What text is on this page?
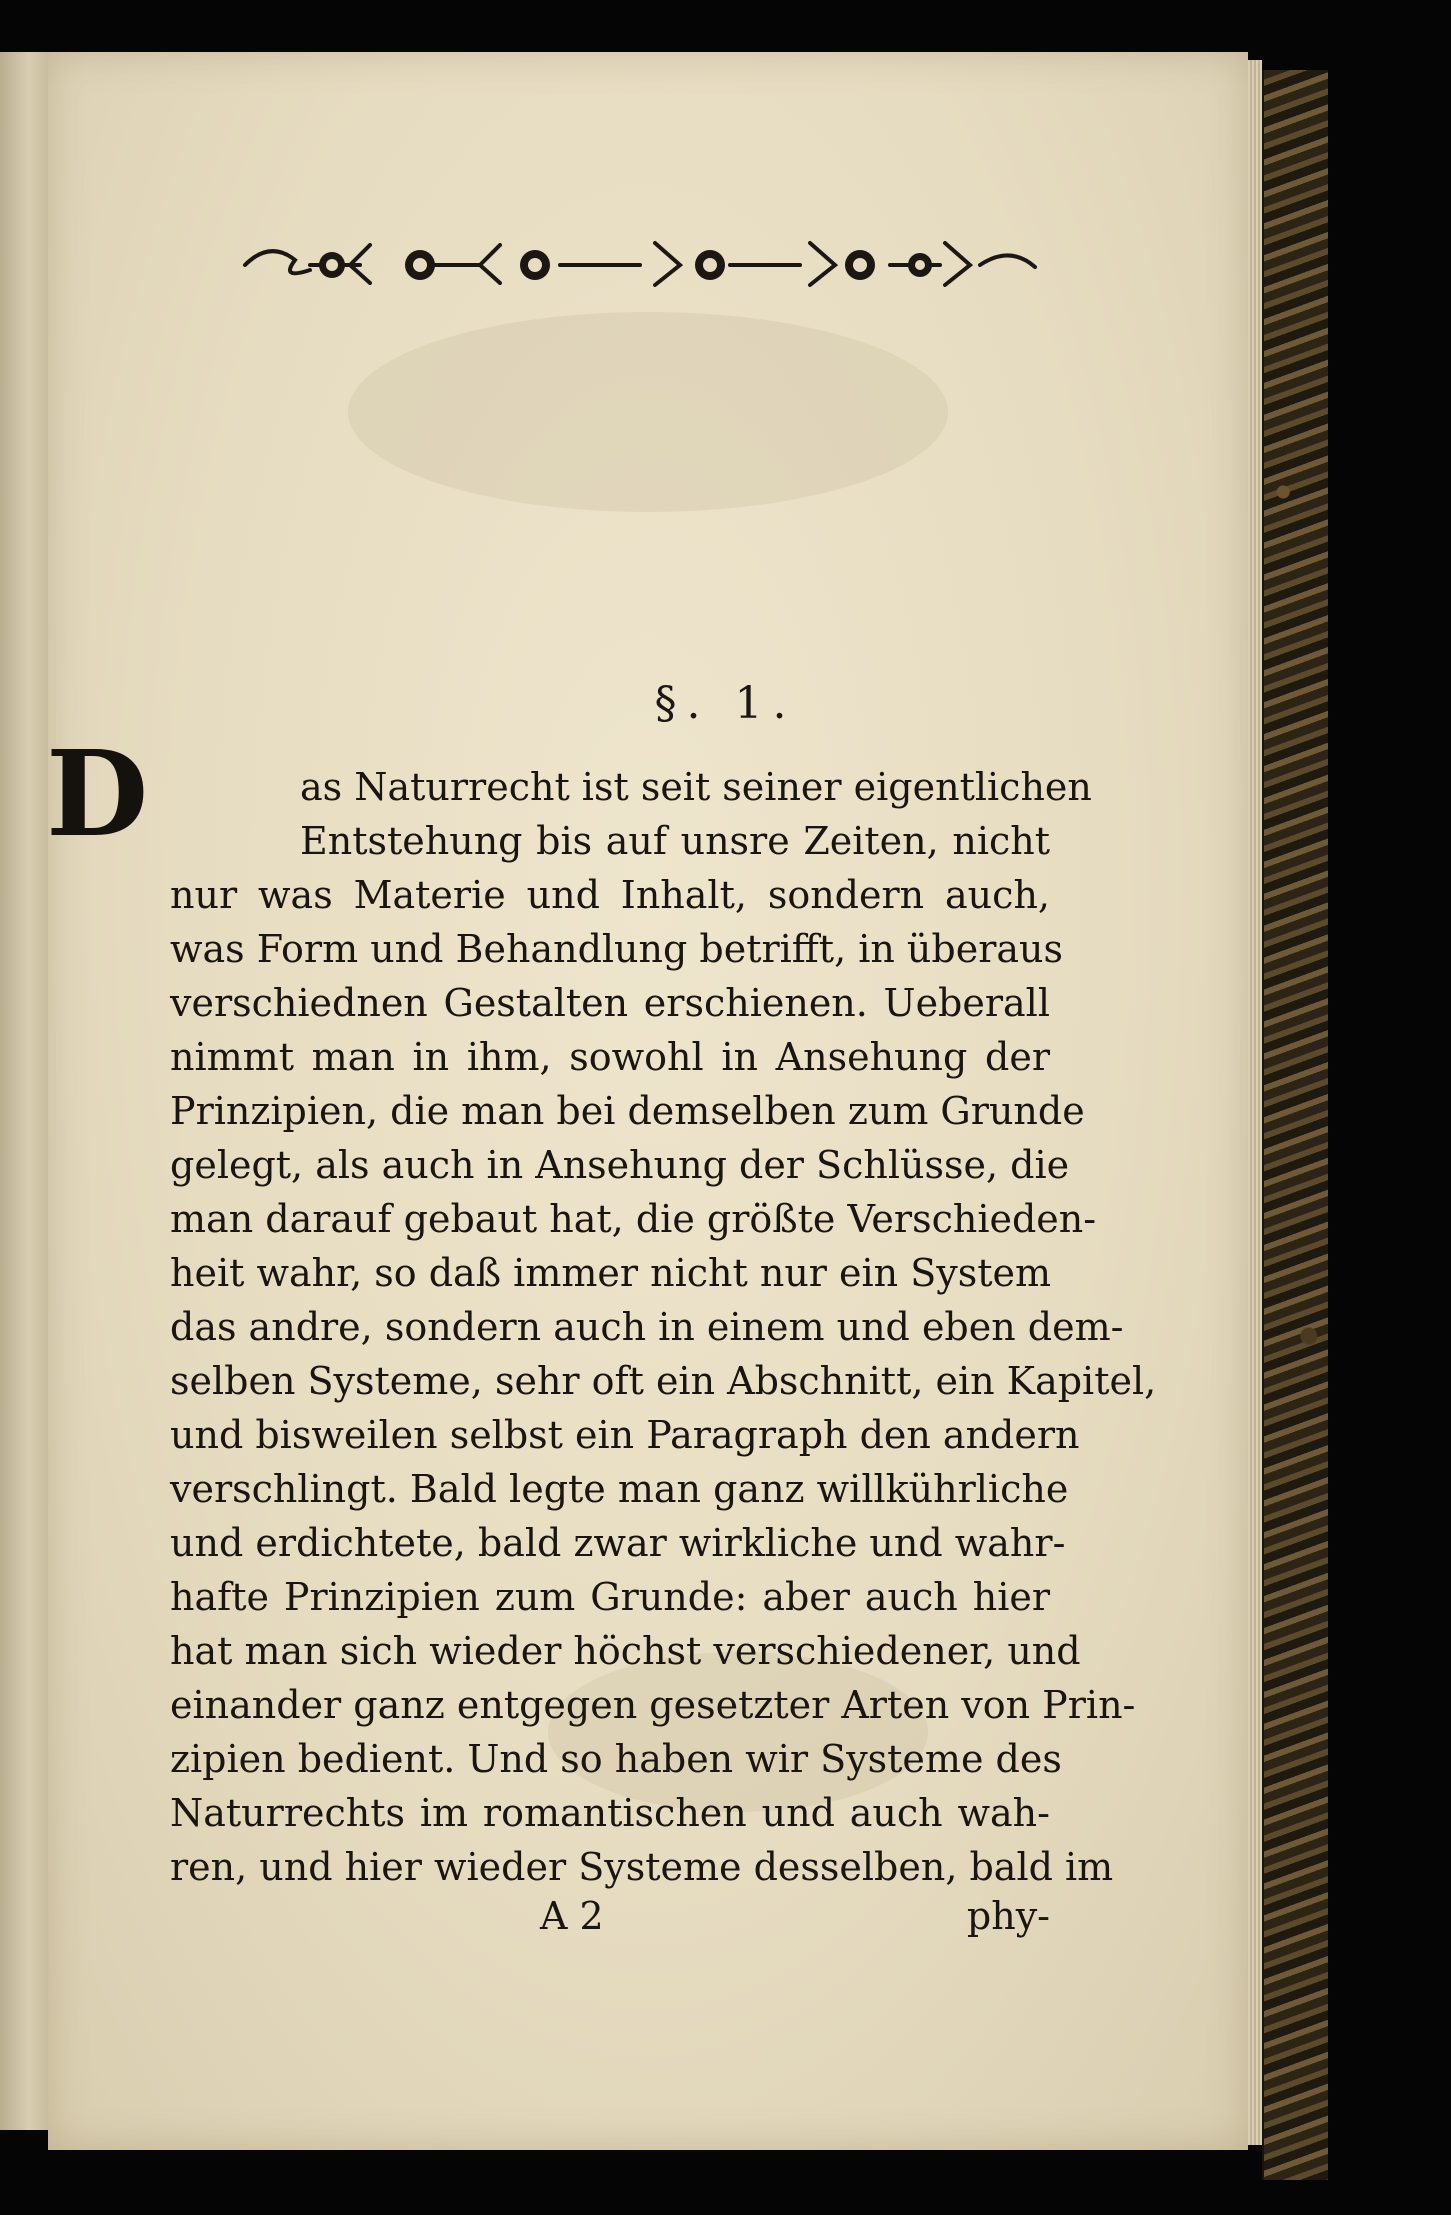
§. 1.
D	as Naturrecht ist seit seiner eigentlichen
Entstehung bis auf unsre Zeiten, nicht
nur was Materie und Inhalt, sondern auch,
was Form und Behandlung betrifft, in überaus
verschiednen Gestalten erschienen. Ueberall
nimmt man in ihm, sowohl in Ansehung der
Prinzipien, die man bei demselben zum Grunde
gelegt, als auch in Ansehung der Schlüsse, die
man darauf gebaut hat, die größte Verschieden-
heit wahr, so daß immer nicht nur ein System
das andre, sondern auch in einem und eben dem-
selben Systeme, sehr oft ein Abschnitt, ein Kapitel,
und bisweilen selbst ein Paragraph den andern
verschlingt. Bald legte man ganz willkührliche
und erdichtete, bald zwar wirkliche und wahr-
hafte Prinzipien zum Grunde: aber auch hier
hat man sich wieder höchst verschiedener, und
einander ganz entgegen gesetzter Arten von Prin-
zipien bedient. Und so haben wir Systeme des
Naturrechts im romantischen und auch wah-
ren, und hier wieder Systeme desselben, bald im
A 2	phy-
